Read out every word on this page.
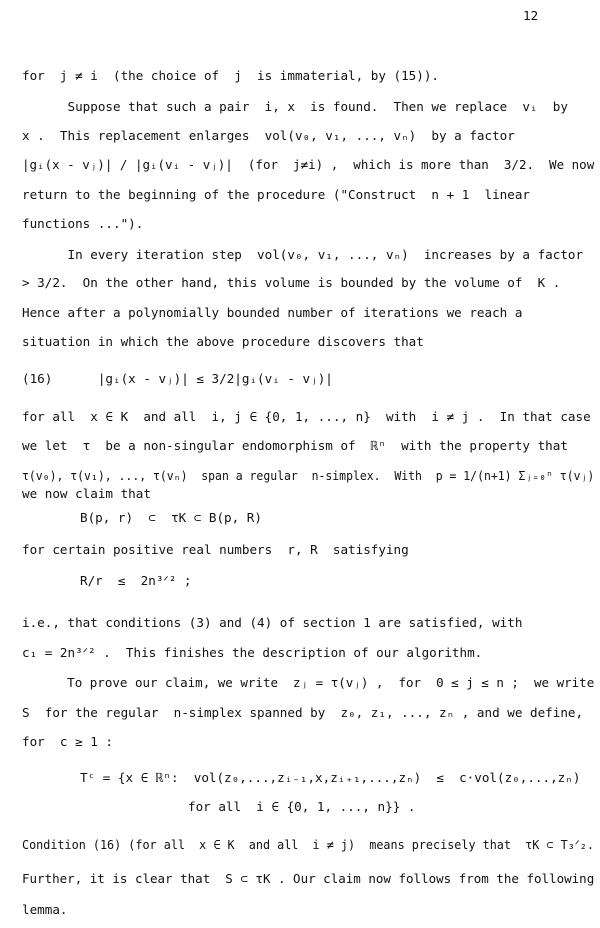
12
for  j ≠ i  (the choice of  j  is immaterial, by (15)).
Suppose that such a pair  i, x  is found.  Then we replace  vᵢ  by
x .  This replacement enlarges  vol(v₀, v₁, ..., vₙ)  by a factor
|gᵢ(x - vⱼ)| / |gᵢ(vᵢ - vⱼ)|  (for  j≠i) ,  which is more than  3/2.  We now
return to the beginning of the procedure ("Construct  n + 1  linear
functions ...").
In every iteration step  vol(v₀, v₁, ..., vₙ)  increases by a factor
> 3/2.  On the other hand, this volume is bounded by the volume of  K .
Hence after a polynomially bounded number of iterations we reach a
situation in which the above procedure discovers that
(16)      |gᵢ(x - vⱼ)| ≤ 3/2|gᵢ(vᵢ - vⱼ)|
for all  x ∈ K  and all  i, j ∈ {0, 1, ..., n}  with  i ≠ j .  In that case
we let  τ  be a non-singular endomorphism of  ℝⁿ  with the property that
τ(v₀), τ(v₁), ..., τ(vₙ)  span a regular  n-simplex.  With  p = 1/(n+1) Σⱼ₌₀ⁿ τ(vⱼ)
we now claim that
B(p, r)  ⊂  τK ⊂ B(p, R)
for certain positive real numbers  r, R  satisfying
R/r  ≤  2n³ᐟ² ;
i.e., that conditions (3) and (4) of section 1 are satisfied, with
c₁ = 2n³ᐟ² .  This finishes the description of our algorithm.
To prove our claim, we write  zⱼ = τ(vⱼ) ,  for  0 ≤ j ≤ n ;  we write
S  for the regular  n-simplex spanned by  z₀, z₁, ..., zₙ , and we define,
for  c ≥ 1 :
Tᶜ = {x ∈ ℝⁿ:  vol(z₀,...,zᵢ₋₁,x,zᵢ₊₁,...,zₙ)  ≤  c·vol(z₀,...,zₙ)
for all  i ∈ {0, 1, ..., n}} .
Condition (16) (for all  x ∈ K  and all  i ≠ j)  means precisely that  τK ⊂ T₃ᐟ₂.
Further, it is clear that  S ⊂ τK . Our claim now follows from the following
lemma.
